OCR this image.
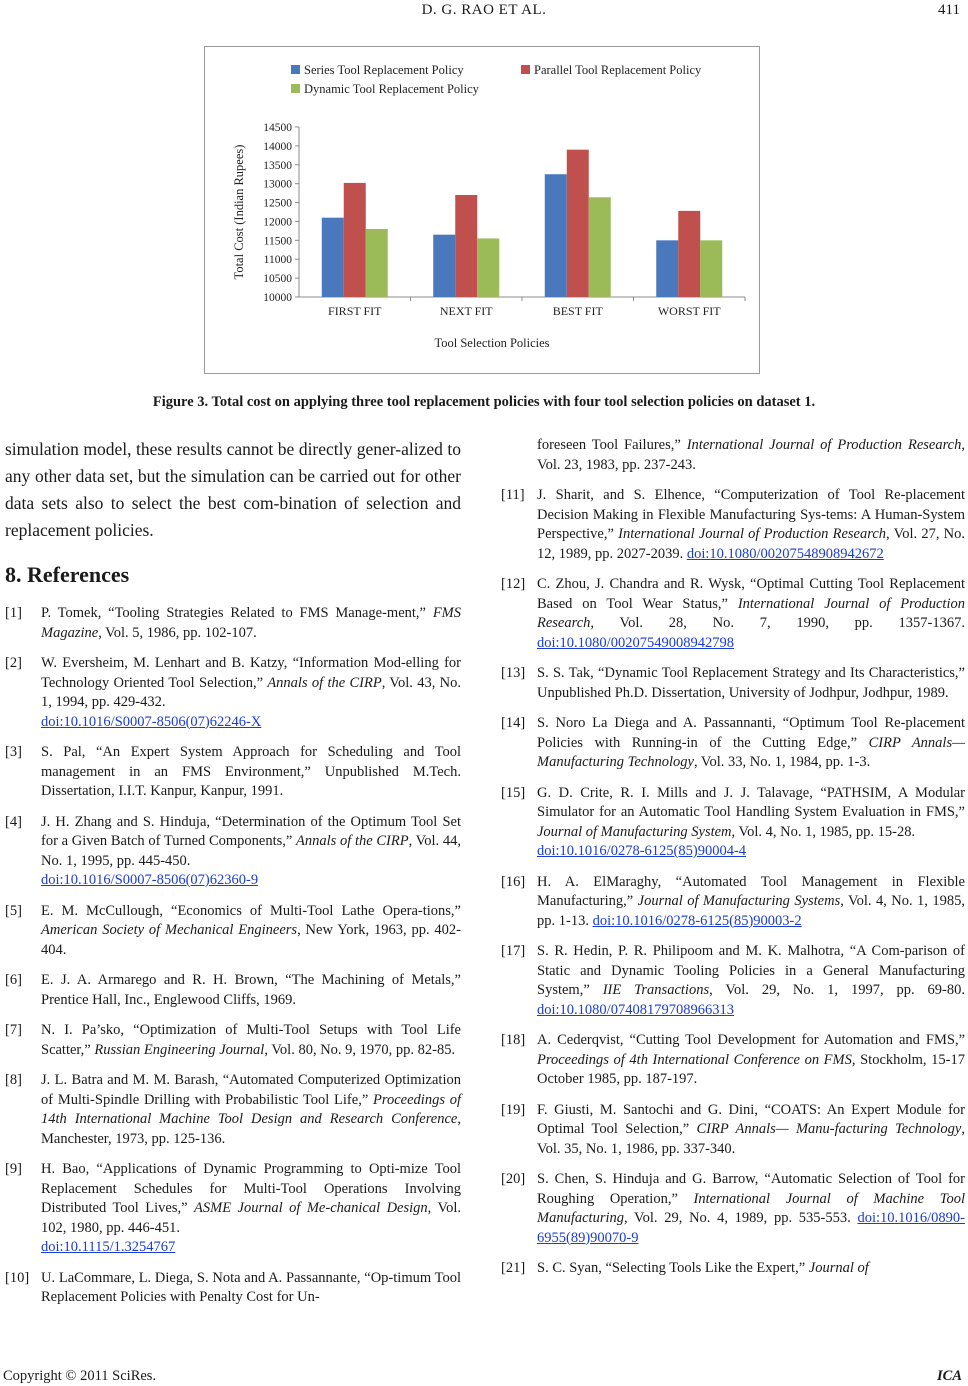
D. G. RAO ET AL.	411
10000
10500
11000
11500
12000
12500
13000
13500
14000
14500
FIRST FIT	NEXT FIT	BEST FIT	WORST FIT
Total Cost (Indian Rupees)
Tool Selection Policies
Series Tool Replacement Policy	Parallel Tool Replacement Policy
Dynamic Tool Replacement Policy
Figure 3. Total cost on applying three tool replacement policies with four tool selection policies on dataset 1.

simulation model, these results cannot be directly gener-alized to any other data set, but the simulation can be carried out for other data sets also to select the best com-bination of selection and replacement policies.

8. References
[1] P. Tomek, “Tooling Strategies Related to FMS Manage-ment,” FMS Magazine, Vol. 5, 1986, pp. 102-107.
[2] W. Eversheim, M. Lenhart and B. Katzy, “Information Mod-elling for Technology Oriented Tool Selection,” Annals of the CIRP, Vol. 43, No. 1, 1994, pp. 429-432.
doi:10.1016/S0007-8506(07)62246-X
[3] S. Pal, “An Expert System Approach for Scheduling and Tool management in an FMS Environment,” Unpublished M.Tech. Dissertation, I.I.T. Kanpur, Kanpur, 1991.
[4] J. H. Zhang and S. Hinduja, “Determination of the Optimum Tool Set for a Given Batch of Turned Components,” Annals of the CIRP, Vol. 44, No. 1, 1995, pp. 445-450.
doi:10.1016/S0007-8506(07)62360-9
[5] E. M. McCullough, “Economics of Multi-Tool Lathe Opera-tions,” American Society of Mechanical Engineers, New York, 1963, pp. 402-404.
[6] E. J. A. Armarego and R. H. Brown, “The Machining of Metals,” Prentice Hall, Inc., Englewood Cliffs, 1969.
[7] N. I. Pa’sko, “Optimization of Multi-Tool Setups with Tool Life Scatter,” Russian Engineering Journal, Vol. 80, No. 9, 1970, pp. 82-85.
[8] J. L. Batra and M. M. Barash, “Automated Computerized Optimization of Multi-Spindle Drilling with Probabilistic Tool Life,” Proceedings of 14th International Machine Tool Design and Research Conference, Manchester, 1973, pp. 125-136.
[9] H. Bao, “Applications of Dynamic Programming to Opti-mize Tool Replacement Schedules for Multi-Tool Operations Involving Distributed Tool Lives,” ASME Journal of Me-chanical Design, Vol. 102, 1980, pp. 446-451.
doi:10.1115/1.3254767
[10] U. LaCommare, L. Diega, S. Nota and A. Passannante, “Op-timum Tool Replacement Policies with Penalty Cost for Un-
foreseen Tool Failures,” International Journal of Production Research, Vol. 23, 1983, pp. 237-243.
[11] J. Sharit, and S. Elhence, “Computerization of Tool Re-placement Decision Making in Flexible Manufacturing Sys-tems: A Human-System Perspective,” International Journal of Production Research, Vol. 27, No. 12, 1989, pp. 2027-2039. doi:10.1080/00207548908942672
[12] C. Zhou, J. Chandra and R. Wysk, “Optimal Cutting Tool Replacement Based on Tool Wear Status,” International Journal of Production Research, Vol. 28, No. 7, 1990, pp. 1357-1367. doi:10.1080/00207549008942798
[13] S. S. Tak, “Dynamic Tool Replacement Strategy and Its Characteristics,” Unpublished Ph.D. Dissertation, University of Jodhpur, Jodhpur, 1989.
[14] S. Noro La Diega and A. Passannanti, “Optimum Tool Re-placement Policies with Running-in of the Cutting Edge,” CIRP Annals—Manufacturing Technology, Vol. 33, No. 1, 1984, pp. 1-3.
[15] G. D. Crite, R. I. Mills and J. J. Talavage, “PATHSIM, A Modular Simulator for an Automatic Tool Handling System Evaluation in FMS,” Journal of Manufacturing System, Vol. 4, No. 1, 1985, pp. 15-28.
doi:10.1016/0278-6125(85)90004-4
[16] H. A. ElMaraghy, “Automated Tool Management in Flexible Manufacturing,” Journal of Manufacturing Systems, Vol. 4, No. 1, 1985, pp. 1-13. doi:10.1016/0278-6125(85)90003-2
[17] S. R. Hedin, P. R. Philipoom and M. K. Malhotra, “A Com-parison of Static and Dynamic Tooling Policies in a General Manufacturing System,” IIE Transactions, Vol. 29, No. 1, 1997, pp. 69-80. doi:10.1080/07408179708966313
[18] A. Cederqvist, “Cutting Tool Development for Automation and FMS,” Proceedings of 4th International Conference on FMS, Stockholm, 15-17 October 1985, pp. 187-197.
[19] F. Giusti, M. Santochi and G. Dini, “COATS: An Expert Module for Optimal Tool Selection,” CIRP Annals— Manu-facturing Technology, Vol. 35, No. 1, 1986, pp. 337-340.
[20] S. Chen, S. Hinduja and G. Barrow, “Automatic Selection of Tool for Roughing Operation,” International Journal of Machine Tool Manufacturing, Vol. 29, No. 4, 1989, pp. 535-553. doi:10.1016/0890-6955(89)90070-9
[21] S. C. Syan, “Selecting Tools Like the Expert,” Journal of
Copyright © 2011 SciRes.	ICA
